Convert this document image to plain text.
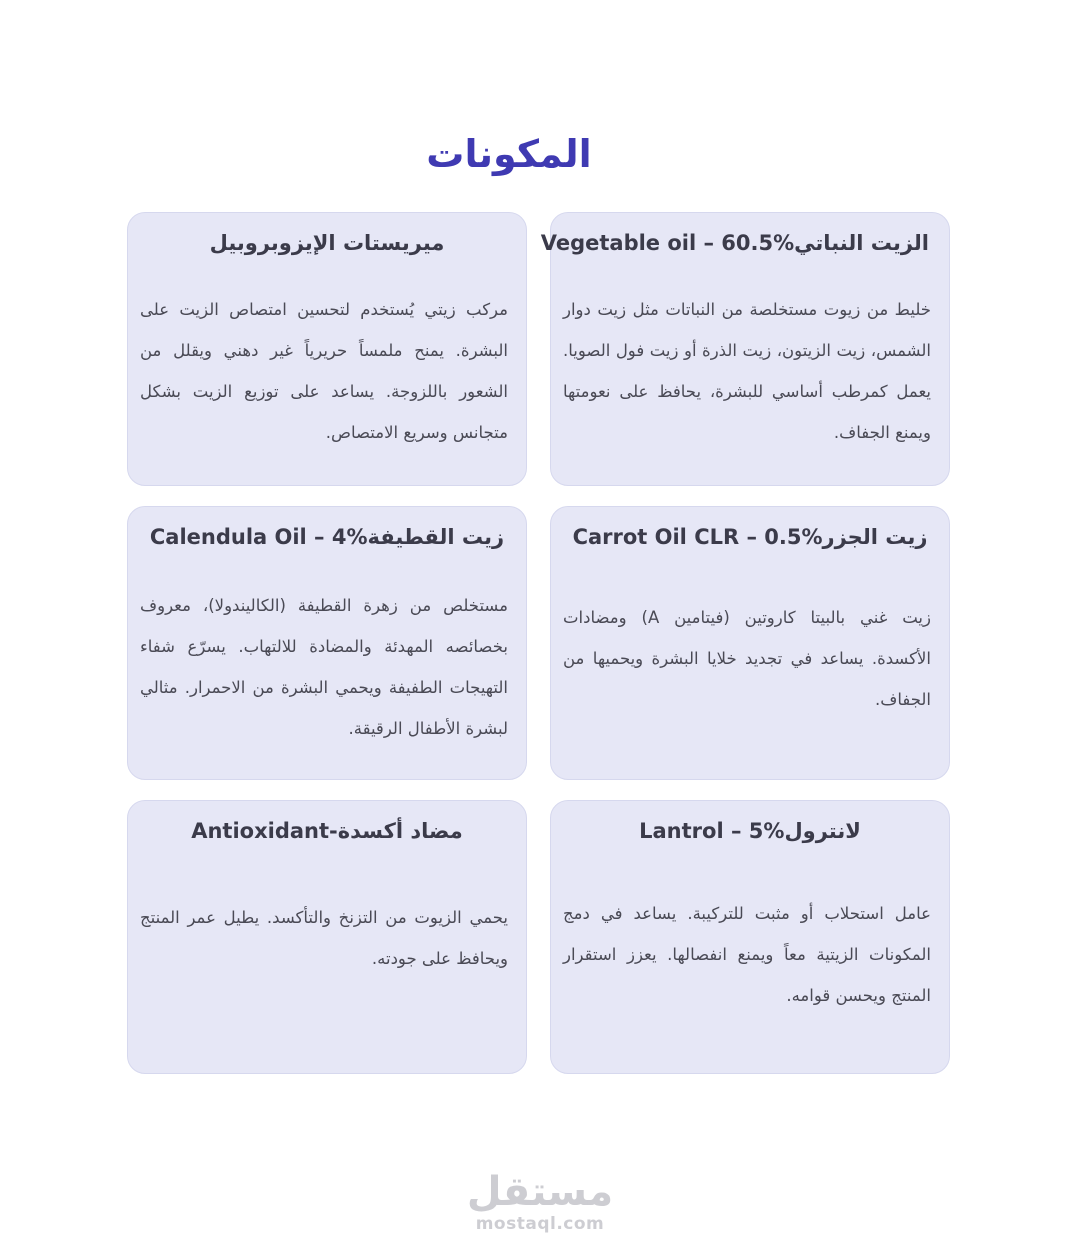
المكونات
الزيت النباتيVegetable oil – 60.5%

خليط من زيوت مستخلصة من النباتات مثل زيت دوار الشمس، زيت الزيتون، زيت الذرة أو زيت فول الصويا. يعمل كمرطب أساسي للبشرة، يحافظ على نعومتها ويمنع الجفاف.

ميريستات الإيزوبروبيل

مركب زيتي يُستخدم لتحسين امتصاص الزيت على البشرة. يمنح ملمساً حريرياً غير دهني ويقلل من الشعور باللزوجة. يساعد على توزيع الزيت بشكل متجانس وسريع الامتصاص.

زيت الجزرCarrot Oil CLR – 0.5%

زيت غني بالبيتا كاروتين (فيتامين A) ومضادات الأكسدة. يساعد في تجديد خلايا البشرة ويحميها من الجفاف.

زيت القطيفةCalendula Oil – 4%

مستخلص من زهرة القطيفة (الكاليندولا)، معروف بخصائصه المهدئة والمضادة للالتهاب. يسرّع شفاء التهيجات الطفيفة ويحمي البشرة من الاحمرار. مثالي لبشرة الأطفال الرقيقة.

لانترولLantrol – 5%

عامل استحلاب أو مثبت للتركيبة. يساعد في دمج المكونات الزيتية معاً ويمنع انفصالها. يعزز استقرار المنتج ويحسن قوامه.

مضاد أكسدة-Antioxidant

يحمي الزيوت من التزنخ والتأكسد. يطيل عمر المنتج ويحافظ على جودته.

مستقل
mostaql.com
